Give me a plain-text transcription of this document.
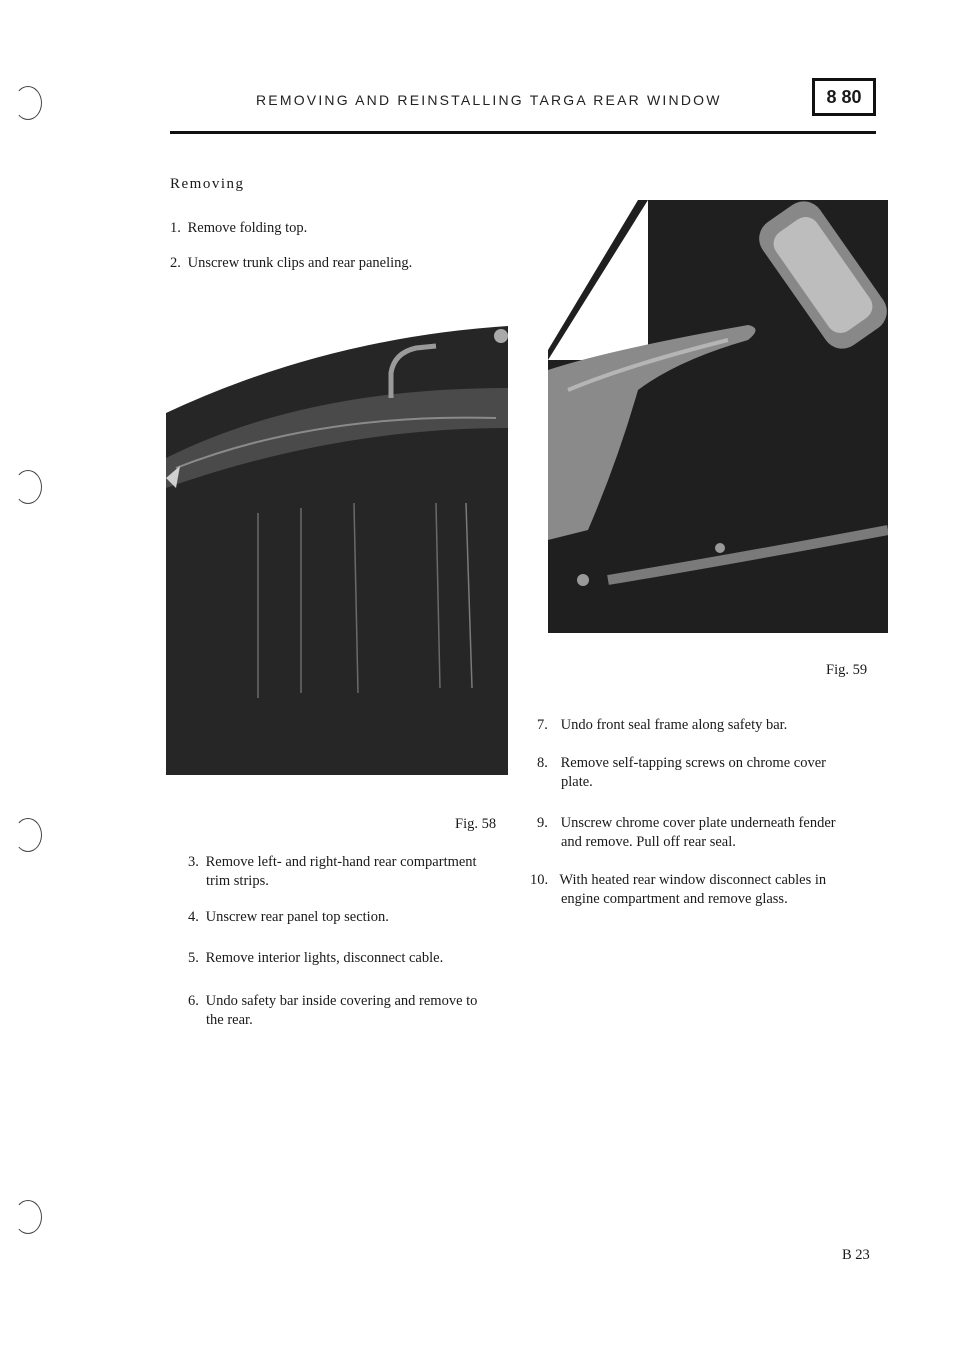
REMOVING AND REINSTALLING TARGA REAR WINDOW	8 80
Removing
1. Remove folding top.
2. Unscrew trunk clips and rear paneling.
Fig. 58
3. Remove left- and right-hand rear compartment
trim strips.
4. Unscrew rear panel top section.
5. Remove interior lights, disconnect cable.
6. Undo safety bar inside covering and remove to
the rear.
Fig. 59
7. Undo front seal frame along safety bar.
8. Remove self-tapping screws on chrome cover
plate.
9. Unscrew chrome cover plate underneath fender
and remove. Pull off rear seal.
10. With heated rear window disconnect cables in
engine compartment and remove glass.
B 23
